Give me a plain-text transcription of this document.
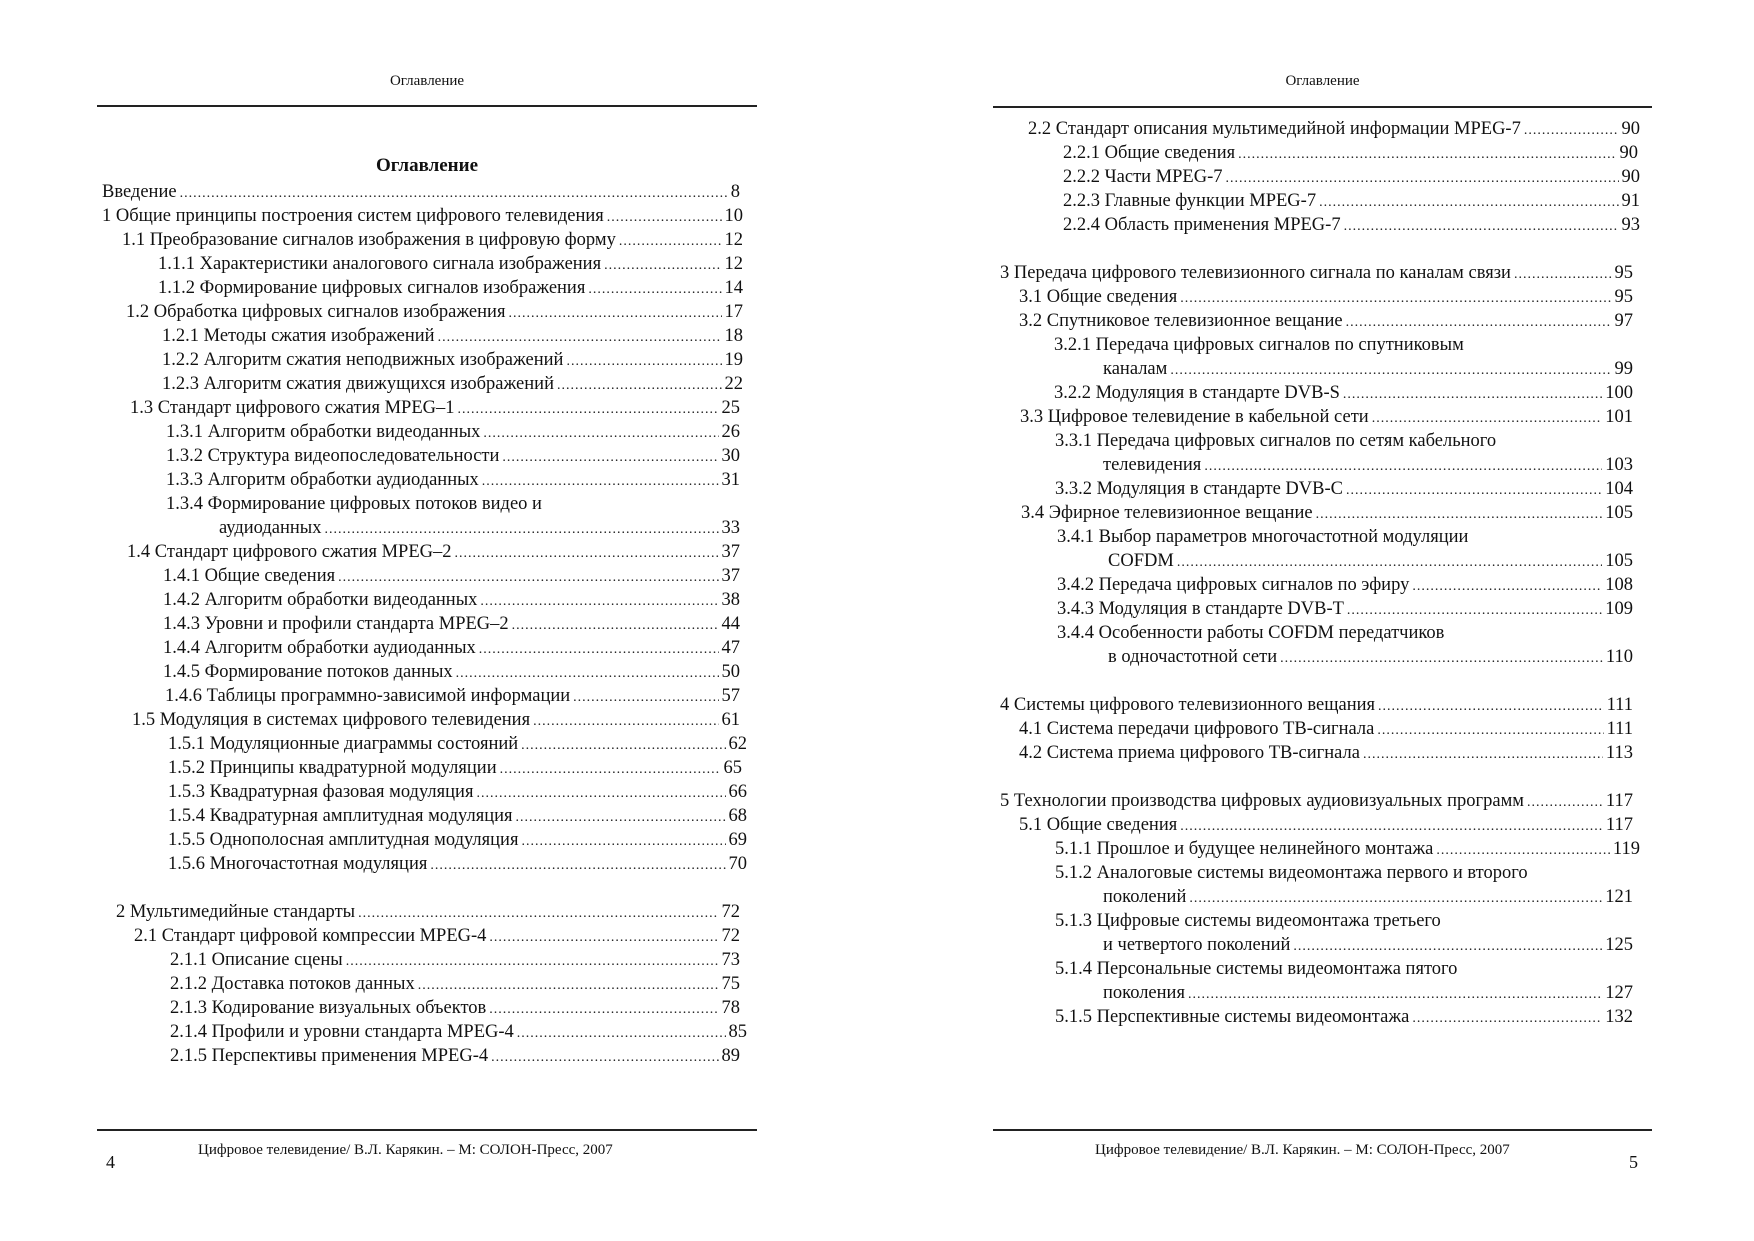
Оглавление
Оглавление
Введение .....	8
1 Общие принципы построения систем цифрового телевидения .....	10
1.1 Преобразование сигналов изображения в цифровую форму .....	12
1.1.1 Характеристики аналогового сигнала изображения .....	12
1.1.2 Формирование цифровых сигналов изображения .....	14
1.2 Обработка цифровых сигналов изображения .....	17
1.2.1 Методы сжатия изображений .....	18
1.2.2 Алгоритм сжатия неподвижных изображений .....	19
1.2.3 Алгоритм сжатия движущихся изображений .....	22
1.3 Стандарт цифрового сжатия MPEG–1 .....	25
1.3.1 Алгоритм обработки видеоданных .....	26
1.3.2 Структура видеопоследовательности .....	30
1.3.3 Алгоритм обработки аудиоданных .....	31
1.3.4 Формирование цифровых потоков видео и
аудиоданных .....	33
1.4 Стандарт цифрового сжатия MPEG–2 .....	37
1.4.1 Общие сведения .....	37
1.4.2 Алгоритм обработки видеоданных .....	38
1.4.3 Уровни и профили стандарта MPEG–2 .....	44
1.4.4 Алгоритм обработки аудиоданных .....	47
1.4.5 Формирование потоков данных .....	50
1.4.6 Таблицы программно-зависимой информации .....	57
1.5 Модуляция в системах цифрового телевидения .....	61
1.5.1 Модуляционные диаграммы состояний .....	62
1.5.2 Принципы квадратурной модуляции .....	65
1.5.3 Квадратурная фазовая модуляция .....	66
1.5.4 Квадратурная амплитудная модуляция .....	68
1.5.5 Однополосная амплитудная модуляция .....	69
1.5.6 Многочастотная модуляция .....	70
2 Мультимедийные стандарты .....	72
2.1 Стандарт цифровой компрессии MPEG-4 .....	72
2.1.1 Описание сцены .....	73
2.1.2 Доставка потоков данных .....	75
2.1.3 Кодирование визуальных объектов .....	78
2.1.4 Профили и уровни стандарта MPEG-4 .....	85
2.1.5 Перспективы применения MPEG-4 .....	89
4
Цифровое телевидение/ В.Л. Карякин. – М: СОЛОН-Пресс, 2007
Оглавление
2.2 Стандарт описания мультимедийной информации MPEG-7 .....	90
2.2.1 Общие сведения .....	90
2.2.2 Части MPEG-7 .....	90
2.2.3 Главные функции MPEG-7 .....	91
2.2.4 Область применения MPEG-7 .....	93
3 Передача цифрового телевизионного сигнала по каналам связи .....	95
3.1 Общие сведения .....	95
3.2 Спутниковое телевизионное вещание .....	97
3.2.1 Передача цифровых сигналов по спутниковым
каналам .....	99
3.2.2 Модуляция в стандарте DVB-S .....	100
3.3 Цифровое телевидение в кабельной сети .....	101
3.3.1 Передача цифровых сигналов по сетям кабельного
телевидения .....	103
3.3.2 Модуляция в стандарте DVB-C .....	104
3.4 Эфирное телевизионное вещание .....	105
3.4.1 Выбор параметров многочастотной модуляции
COFDM .....	105
3.4.2 Передача цифровых сигналов по эфиру .....	108
3.4.3 Модуляция в стандарте DVB-T .....	109
3.4.4 Особенности работы COFDM передатчиков
в одночастотной сети .....	110
4 Системы цифрового телевизионного вещания .....	111
4.1 Система передачи цифрового ТВ-сигнала .....	111
4.2 Система приема цифрового ТВ-сигнала .....	113
5 Технологии производства цифровых аудиовизуальных программ .....	117
5.1 Общие сведения .....	117
5.1.1 Прошлое и будущее нелинейного монтажа .....	119
5.1.2 Аналоговые системы видеомонтажа первого и второго
поколений .....	121
5.1.3 Цифровые системы видеомонтажа третьего
и четвертого поколений .....	125
5.1.4 Персональные системы видеомонтажа пятого
поколения .....	127
5.1.5 Перспективные системы видеомонтажа .....	132
Цифровое телевидение/ В.Л. Карякин. – М: СОЛОН-Пресс, 2007
5
